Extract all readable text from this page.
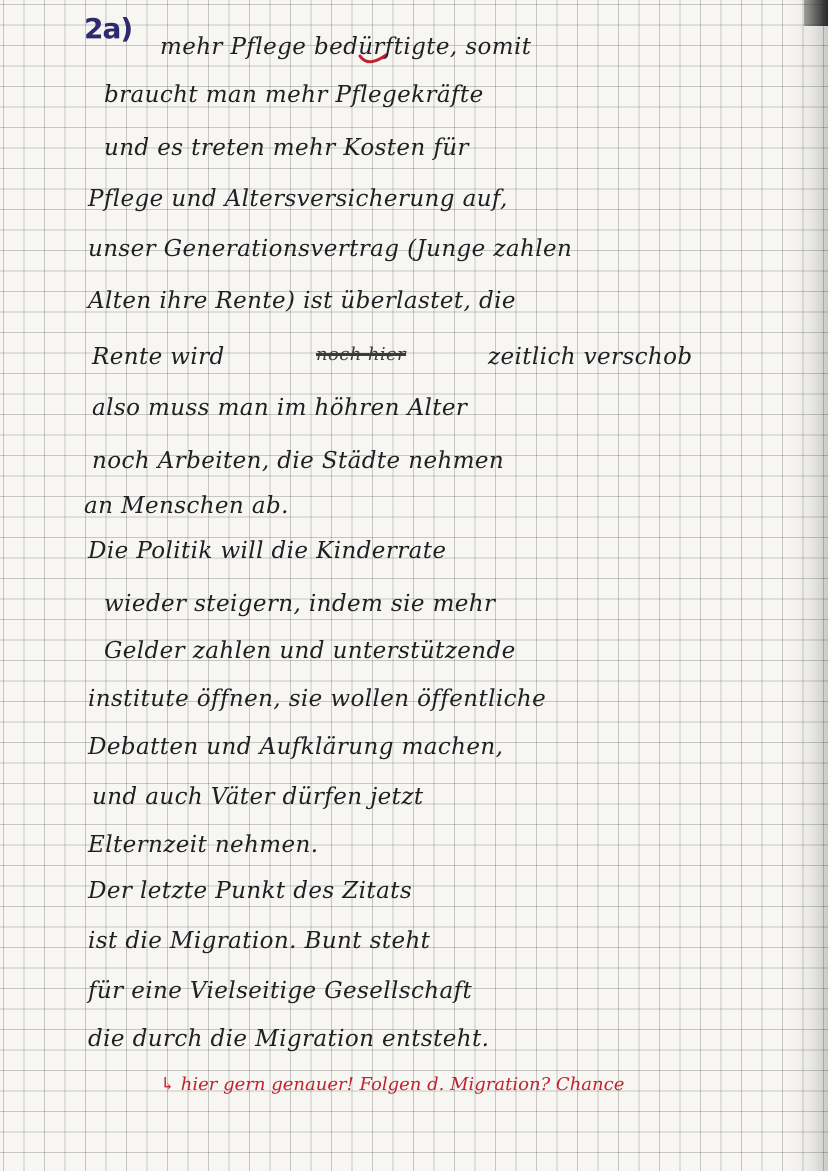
2a)
mehr Pflege bedürftigte, somit
braucht man mehr Pflegekräfte
und es treten mehr Kosten für
Pflege und Altersversicherung auf,
unser Generationsvertrag (Junge zahlen
Alten ihre Rente) ist überlastet, die
Rente wird	noch hier	zeitlich verschob
also muss man im höhren Alter
noch Arbeiten, die Städte nehmen
an Menschen ab.
Die Politik will die Kinderrate
wieder steigern, indem sie mehr
Gelder zahlen und unterstützende
institute öffnen, sie wollen öffentliche
Debatten und Aufklärung machen,
und auch Väter dürfen jetzt
Elternzeit nehmen.
Der letzte Punkt des Zitats
ist die Migration. Bunt steht
für eine Vielseitige Gesellschaft
die durch die Migration entsteht.
↳ hier gern genauer! Folgen d. Migration? Chance
